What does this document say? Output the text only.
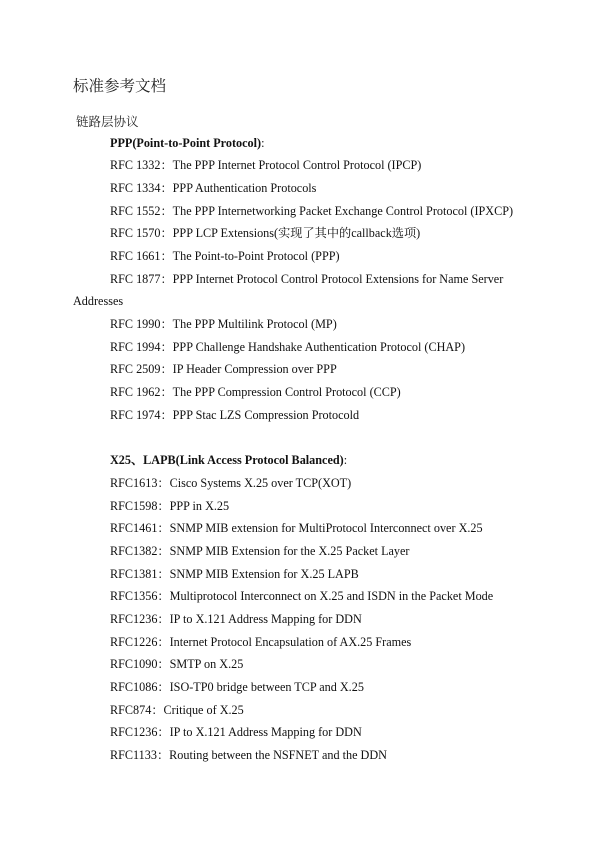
标准参考文档
链路层协议
PPP(Point-to-Point Protocol):
RFC 1332：The PPP Internet Protocol Control Protocol (IPCP)
RFC 1334：PPP Authentication Protocols
RFC 1552：The PPP Internetworking Packet Exchange Control Protocol (IPXCP)
RFC 1570：PPP LCP Extensions(实现了其中的callback选项)
RFC 1661：The Point-to-Point Protocol (PPP)
RFC 1877：PPP Internet Protocol Control Protocol Extensions for Name Server
Addresses
RFC 1990：The PPP Multilink Protocol (MP)
RFC 1994：PPP Challenge Handshake Authentication Protocol (CHAP)
RFC 2509：IP Header Compression over PPP
RFC 1962：The PPP Compression Control Protocol (CCP)
RFC 1974：PPP Stac LZS Compression Protocold
X25、LAPB(Link Access Protocol Balanced):
RFC1613：Cisco Systems X.25 over TCP(XOT)
RFC1598：PPP in X.25
RFC1461：SNMP MIB extension for MultiProtocol Interconnect over X.25
RFC1382：SNMP MIB Extension for the X.25 Packet Layer
RFC1381：SNMP MIB Extension for X.25 LAPB
RFC1356：Multiprotocol Interconnect on X.25 and ISDN in the Packet Mode
RFC1236：IP to X.121 Address Mapping for DDN
RFC1226：Internet Protocol Encapsulation of AX.25 Frames
RFC1090：SMTP on X.25
RFC1086：ISO-TP0 bridge between TCP and X.25
RFC874：Critique of X.25
RFC1236：IP to X.121 Address Mapping for DDN
RFC1133：Routing between the NSFNET and the DDN
